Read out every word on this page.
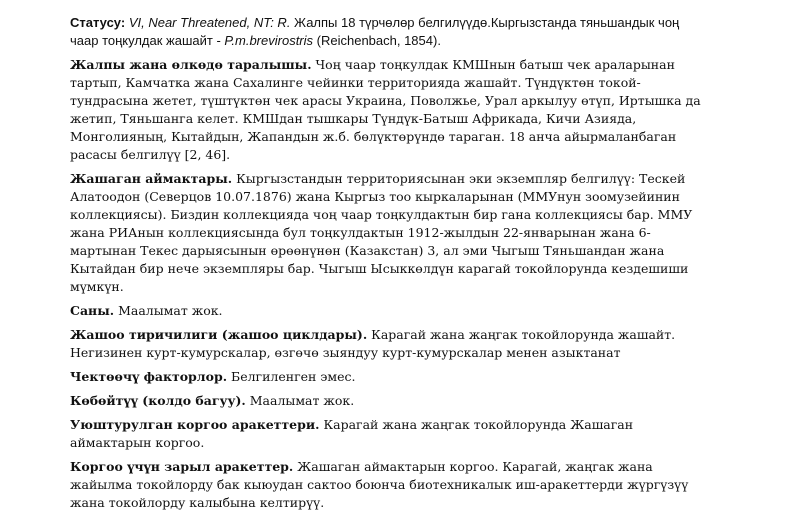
Статусу: VI, Near Threatened, NT: R. Жалпы 18 түрчөлөр белгилүүдө.Кыргызстанда тяньшандык чоң чаар тоңкулдак жашайт - P.m.brevirostris (Reichenbach, 1854).

Жалпы жана өлкөдө таралышы. Чоң чаар тоңкулдак КМШнын батыш чек араларынан тартып, Камчатка жана Сахалинге чейинки территорияда жашайт. Түндүктөн токой-тундрасына жетет, түштүктөн чек арасы Украина, Поволжье, Урал аркылуу өтүп, Иртышка да жетип, Тяньшанга келет. КМШдан тышкары Түндүк-Батыш Африкада, Кичи Азияда, Монголияның, Кытайдын, Жапандын ж.б. бөлүктөрүндө тараган. 18 анча айырмаланбаган расасы белгилүү [2, 46].

Жашаган аймактары. Кыргызстандын территориясынан эки экземпляр белгилүү: Тескей Алатоодон (Северцов 10.07.1876) жана Кыргыз тоо кыркаларынан (ММУнун зоомузейинин коллекциясы). Биздин коллекцияда чоң чаар тоңкулдактын бир гана коллекциясы бар. ММУ жана РИАнын коллекциясында бул тоңкулдактын 1912-жылдын 22-январынан жана 6-мартынан Текес дарыясынын өрөөнүнөн (Казакстан) 3, ал эми Чыгыш Тяньшандан жана Кытайдан бир нече экземпляры бар. Чыгыш Ысыккөлдүн карагай токойлорунда кездешиши мүмкүн.

Саны. Маалымат жок.

Жашоо тиричилиги (жашоо циклдары). Карагай жана жаңгак токойлорунда жашайт. Негизинен курт-кумурскалар, өзгөчө зыяндуу курт-кумурскалар менен азыктанат

Чектөөчү факторлор. Белгиленген эмес.

Көбөйтүү (колдо багуу). Маалымат жок.

Уюштурулган коргоо аракеттери. Карагай жана жаңгак токойлорунда Жашаган аймактарын коргоо.

Коргоо үчүн зарыл аракеттер. Жашаган аймактарын коргоо. Карагай, жаңгак жана жайылма токойлорду бак кыюудан сактоо боюнча биотехникалык иш-аракеттерди жүргүзүү жана токойлорду калыбына келтирүү.
